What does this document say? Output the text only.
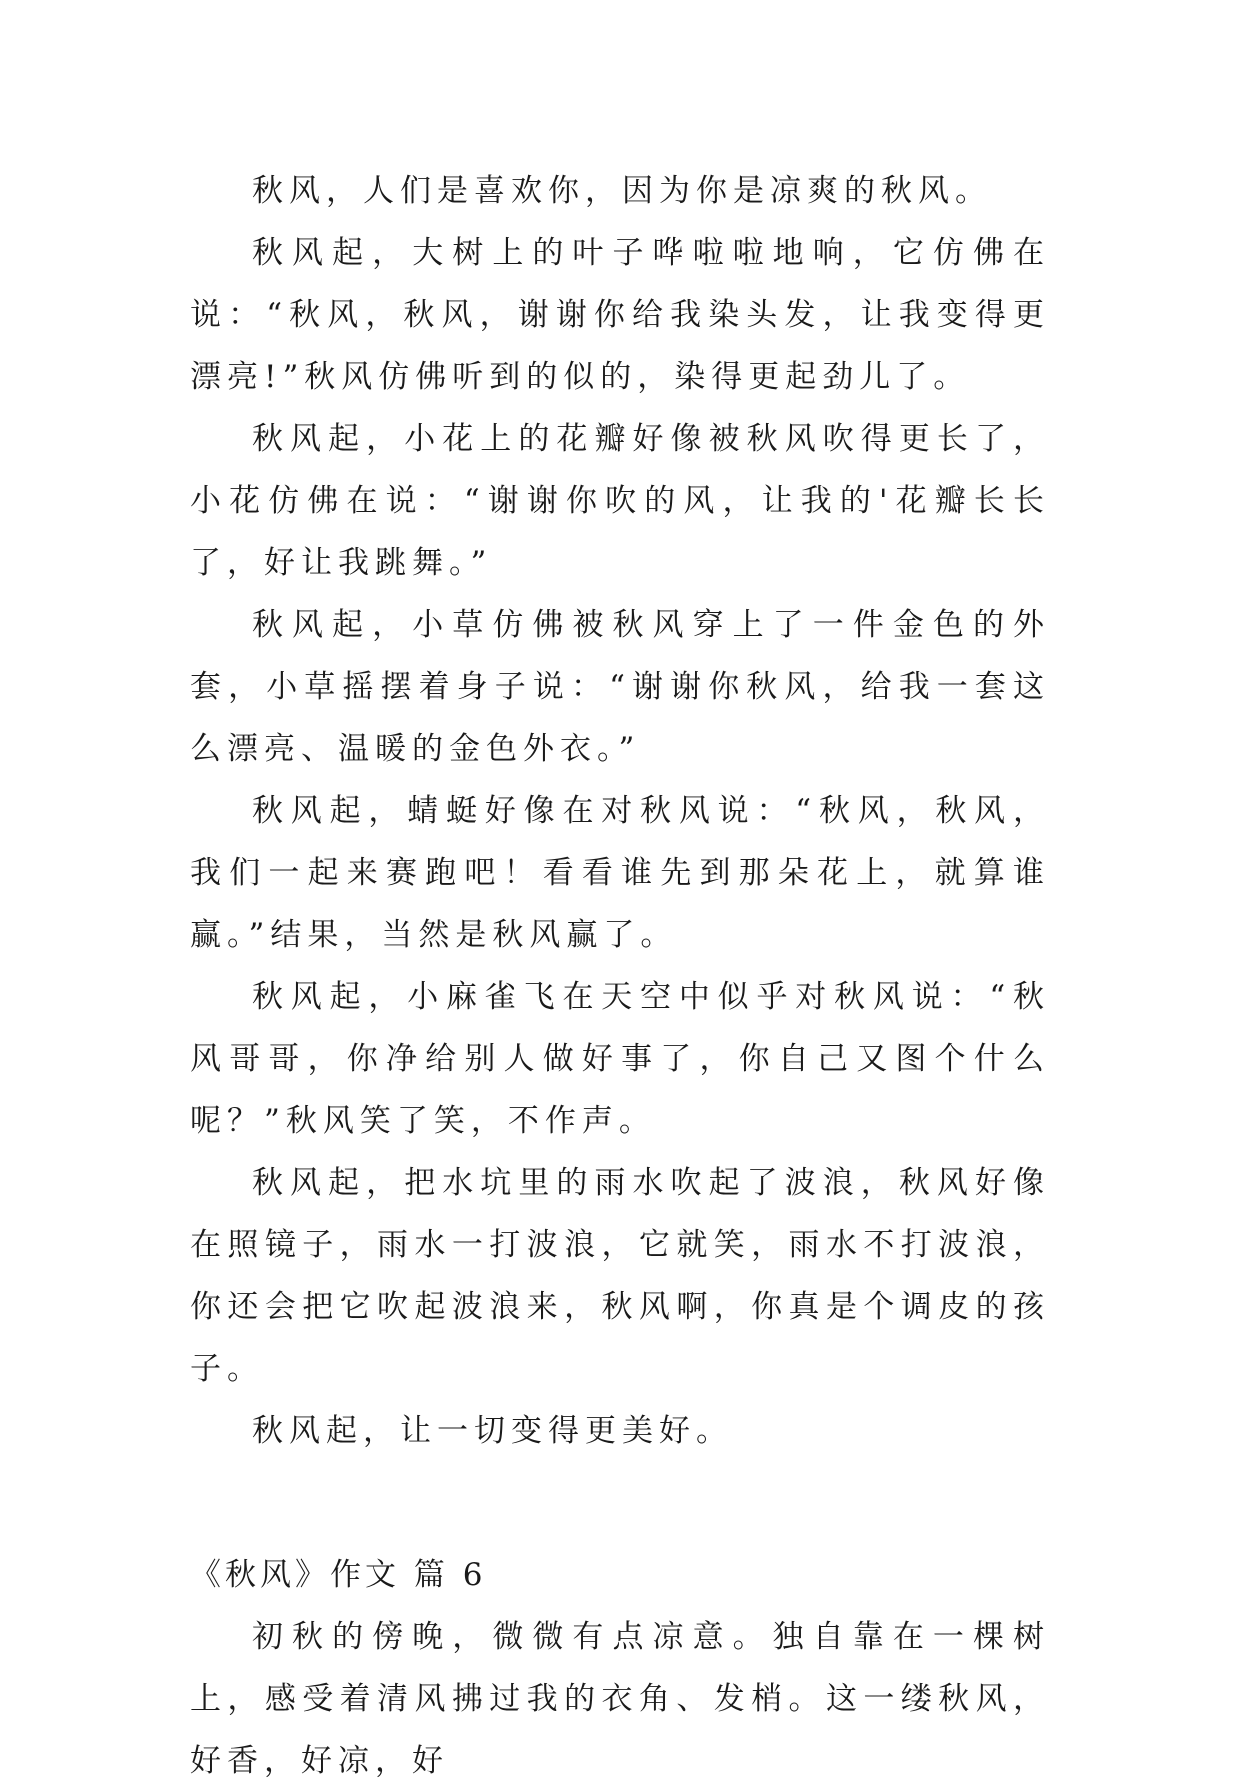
秋风，人们是喜欢你，因为你是凉爽的秋风。

秋风起，大树上的叶子哗啦啦地响，它仿佛在说：“秋风，秋风，谢谢你给我染头发，让我变得更漂亮!”秋风仿佛听到的似的，染得更起劲儿了。

秋风起，小花上的花瓣好像被秋风吹得更长了，小花仿佛在说：“谢谢你吹的风，让我的'花瓣长长了，好让我跳舞。”

秋风起，小草仿佛被秋风穿上了一件金色的外套，小草摇摆着身子说：“谢谢你秋风，给我一套这么漂亮、温暖的金色外衣。”

秋风起，蜻蜓好像在对秋风说：“秋风，秋风，我们一起来赛跑吧！看看谁先到那朵花上，就算谁赢。”结果，当然是秋风赢了。

秋风起，小麻雀飞在天空中似乎对秋风说：“秋风哥哥，你净给别人做好事了，你自己又图个什么呢？”秋风笑了笑，不作声。

秋风起，把水坑里的雨水吹起了波浪，秋风好像在照镜子，雨水一打波浪，它就笑，雨水不打波浪，你还会把它吹起波浪来，秋风啊，你真是个调皮的孩子。

秋风起，让一切变得更美好。

《秋风》作文 篇 6

初秋的傍晚，微微有点凉意。独自靠在一棵树上，感受着清风拂过我的衣角、发梢。这一缕秋风，好香，好凉，好
